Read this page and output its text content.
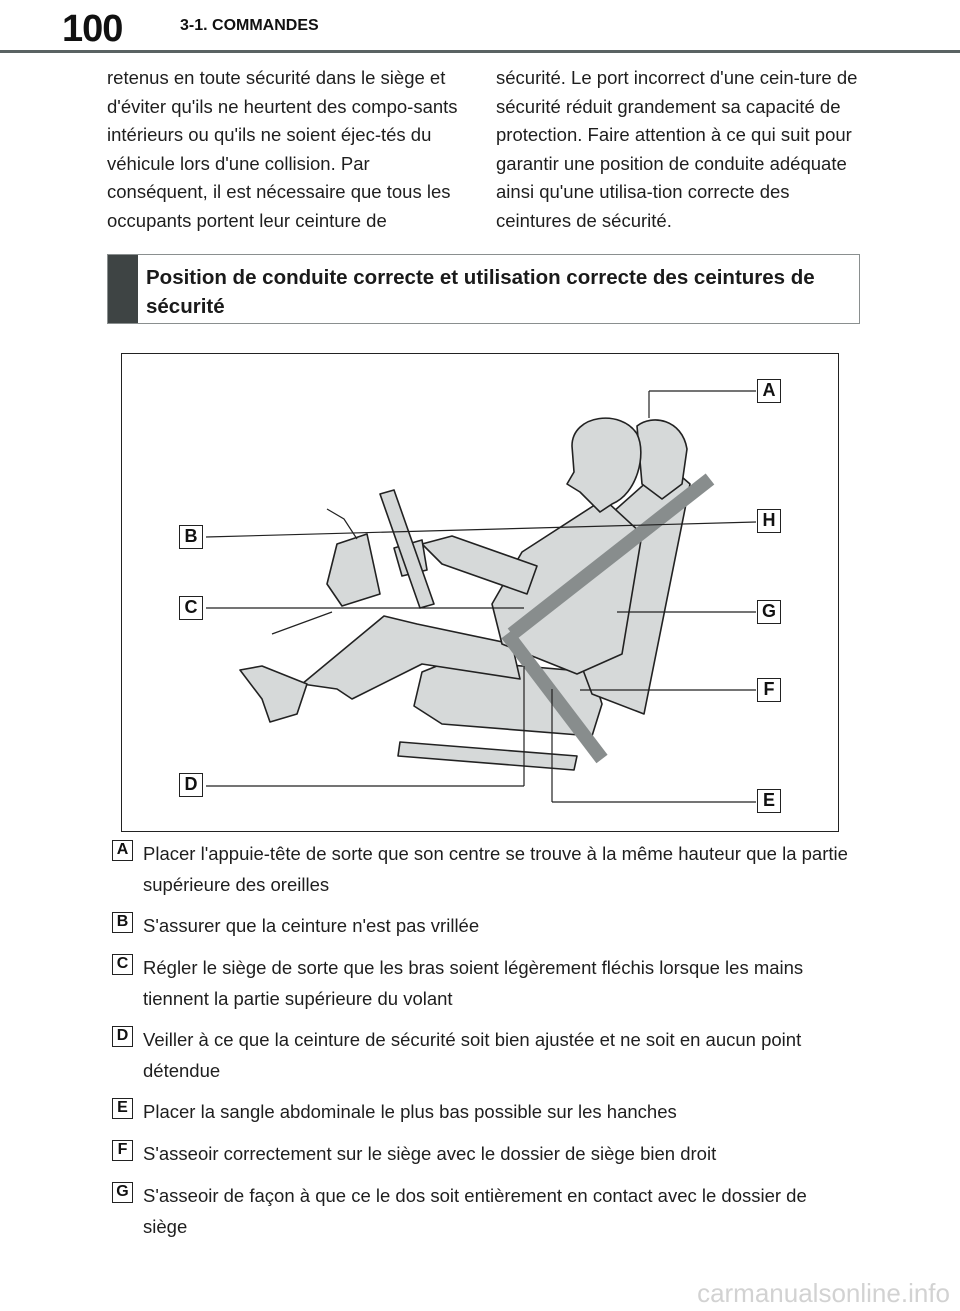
100	3-1. COMMANDES
retenus en toute sécurité dans le siège et d'éviter qu'ils ne heurtent des compo-sants intérieurs ou qu'ils ne soient éjec-tés du véhicule lors d'une collision. Par conséquent, il est nécessaire que tous les occupants portent leur ceinture de
sécurité. Le port incorrect d'une cein-ture de sécurité réduit grandement sa capacité de protection. Faire attention à ce qui suit pour garantir une position de conduite adéquate ainsi qu'une utilisa-tion correcte des ceintures de sécurité.
Position de conduite correcte et utilisation correcte des ceintures de sécurité
A
B
H
C	G
F
D
E
A Placer l'appuie-tête de sorte que son centre se trouve à la même hauteur que la partie supérieure des oreilles
B S'assurer que la ceinture n'est pas vrillée
C Régler le siège de sorte que les bras soient légèrement fléchis lorsque les mains tiennent la partie supérieure du volant
D Veiller à ce que la ceinture de sécurité soit bien ajustée et ne soit en aucun point détendue
E Placer la sangle abdominale le plus bas possible sur les hanches
F S'asseoir correctement sur le siège avec le dossier de siège bien droit
G S'asseoir de façon à que ce le dos soit entièrement en contact avec le dossier de siège
carmanualsonline.info
